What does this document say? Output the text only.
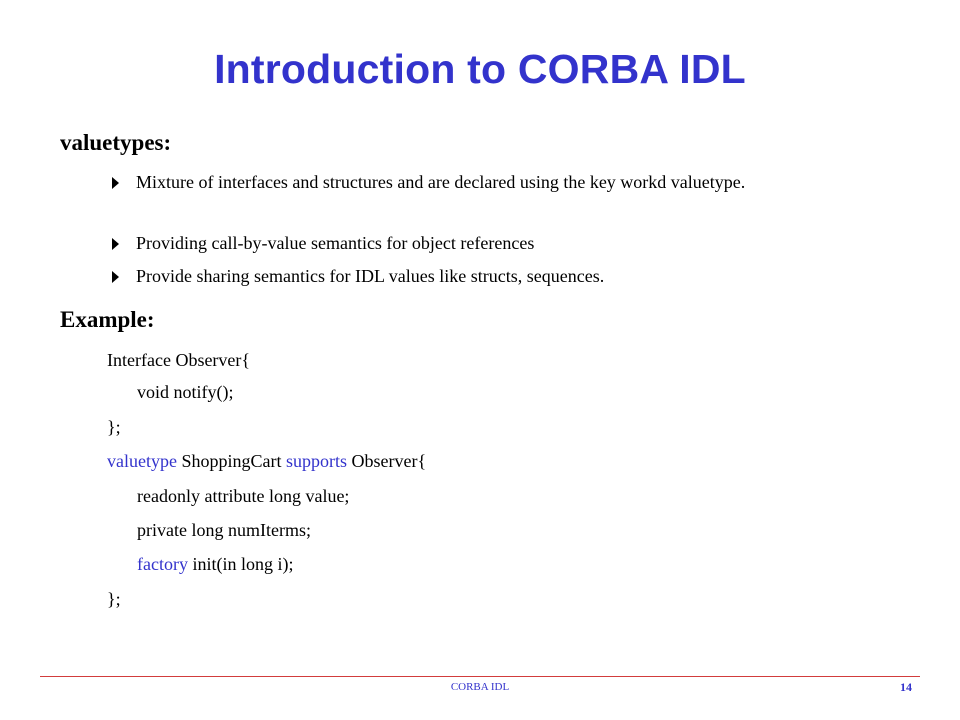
Introduction to CORBA IDL
valuetypes:
Mixture of interfaces and structures and are declared using the key workd valuetype.
Providing call-by-value semantics for object references
Provide sharing semantics for IDL values like structs, sequences.
Example:
Interface Observer{
void notify();
};
valuetype ShoppingCart supports Observer{
readonly attribute long value;
private long numIterms;
factory init(in long i);
};
CORBA IDL	14
